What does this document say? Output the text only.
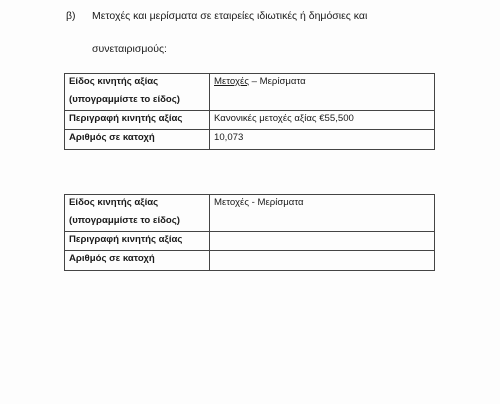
β) Μετοχές και μερίσματα σε εταιρείες ιδιωτικές ή δημόσιες και
συνεταιρισμούς:
Είδος κινητής αξίας	Μετοχές – Μερίσματα
(υπογραμμίστε το είδος)	
Περιγραφή κινητής αξίας	Κανονικές μετοχές αξίας €55,500
Αριθμός σε κατοχή	10,073
Είδος κινητής αξίας	Μετοχές - Μερίσματα
(υπογραμμίστε το είδος)	
Περιγραφή κινητής αξίας	
Αριθμός σε κατοχή	
